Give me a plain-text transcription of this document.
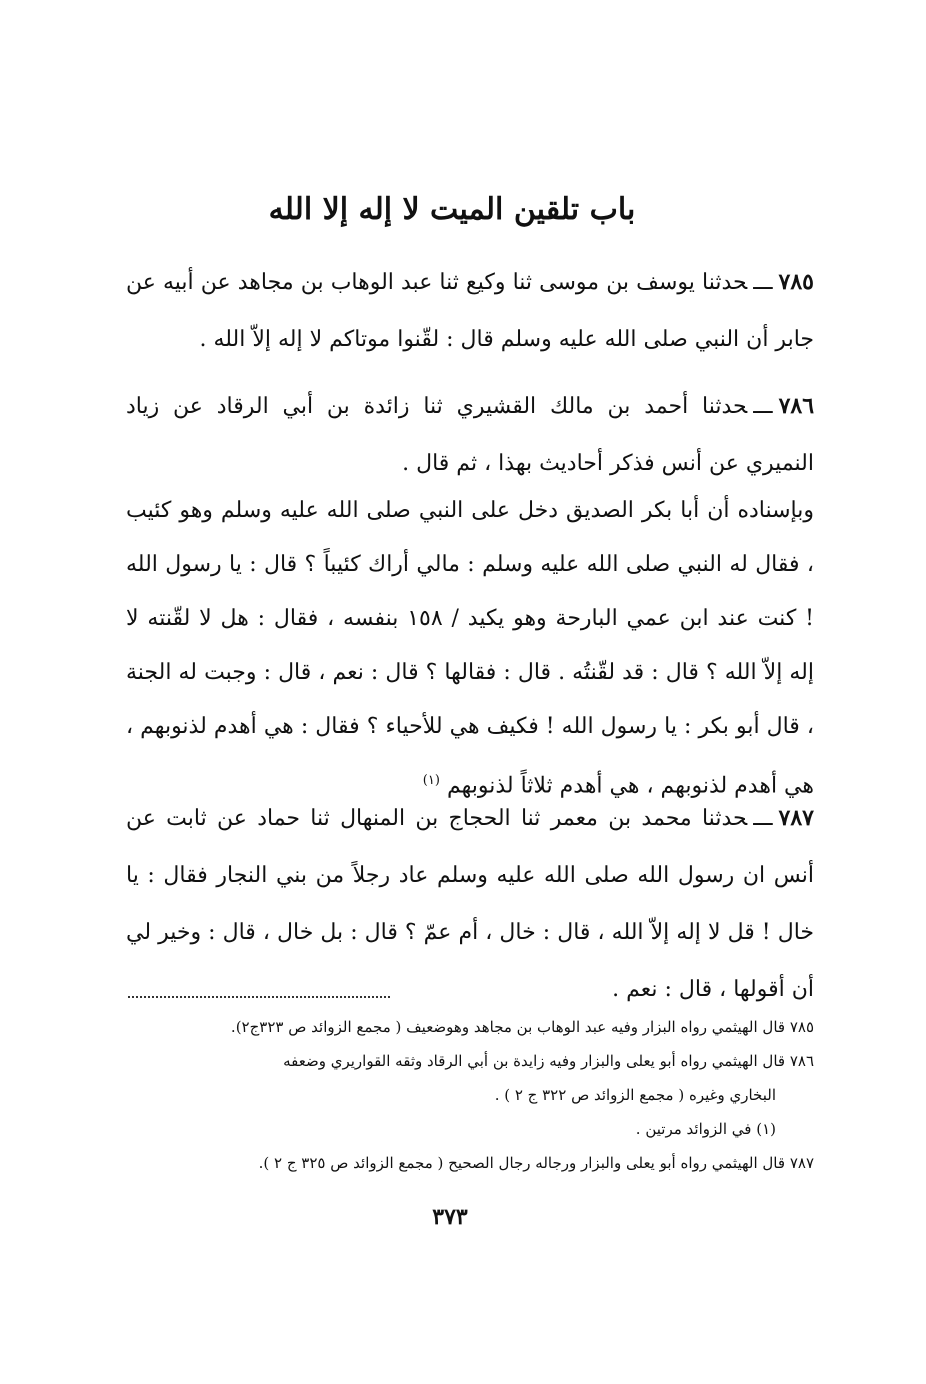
باب تلقين الميت لا إله إلا الله

٧٨٥ـــحدثنا يوسف بن موسى ثنا وكيع ثنا عبد الوهاب بن مجاهد عن أبيه عن جابر أن النبي صلى الله عليه وسلم قال : لقّنوا موتاكم لا إله إلاّ الله .

٧٨٦ـــحدثنا أحمد بن مالك القشيري ثنا زائدة بن أبي الرقاد عن زياد النميري عن أنس فذكر أحاديث بهذا ، ثم قال .

وبإسناده أن أبا بكر الصديق دخل على النبي صلى الله عليه وسلم وهو كئيب ، فقال له النبي صلى الله عليه وسلم : مالي أراك كئيباً ؟ قال : يا رسول الله ! كنت عند ابن عمي البارحة وهو يكيد / ١٥٨ بنفسه ، فقال : هل لا لقّنته لا إله إلاّ الله ؟ قال : قد لقّنتُه . قال : فقالها ؟ قال : نعم ، قال : وجبت له الجنة ، قال أبو بكر : يا رسول الله ! فكيف هي للأحياء ؟ فقال : هي أهدم لذنوبهم ، هي أهدم لذنوبهم ، هي أهدم ثلاثاً لذنوبهم $^{(١)}$

٧٨٧ـــحدثنا محمد بن معمر ثنا الحجاج بن المنهال ثنا حماد عن ثابت عن أنس ان رسول الله صلى الله عليه وسلم عاد رجلاً من بني النجار فقال : يا خال ! قل لا إله إلاّ الله ، قال : خال ، أم عمّ ؟ قال : بل خال ، قال : وخير لي أن أقولها ، قال : نعم .

٧٨٥ قال الهيثمي رواه البزار وفيه عبد الوهاب بن مجاهد وهوضعيف ( مجمع الزوائد ص ٣٢٣ج٢).

٧٨٦ قال الهيثمي رواه أبو يعلى والبزار وفيه زايدة بن أبي الرقاد وثقه القواريري وضعفه

البخاري وغيره ( مجمع الزوائد ص ٣٢٢ ج ٢ ) .

(١) في الزوائد مرتين .

٧٨٧ قال الهيثمي رواه أبو يعلى والبزار ورجاله رجال الصحيح ( مجمع الزوائد ص ٣٢٥ ج ٢ ).

٣٧٣
